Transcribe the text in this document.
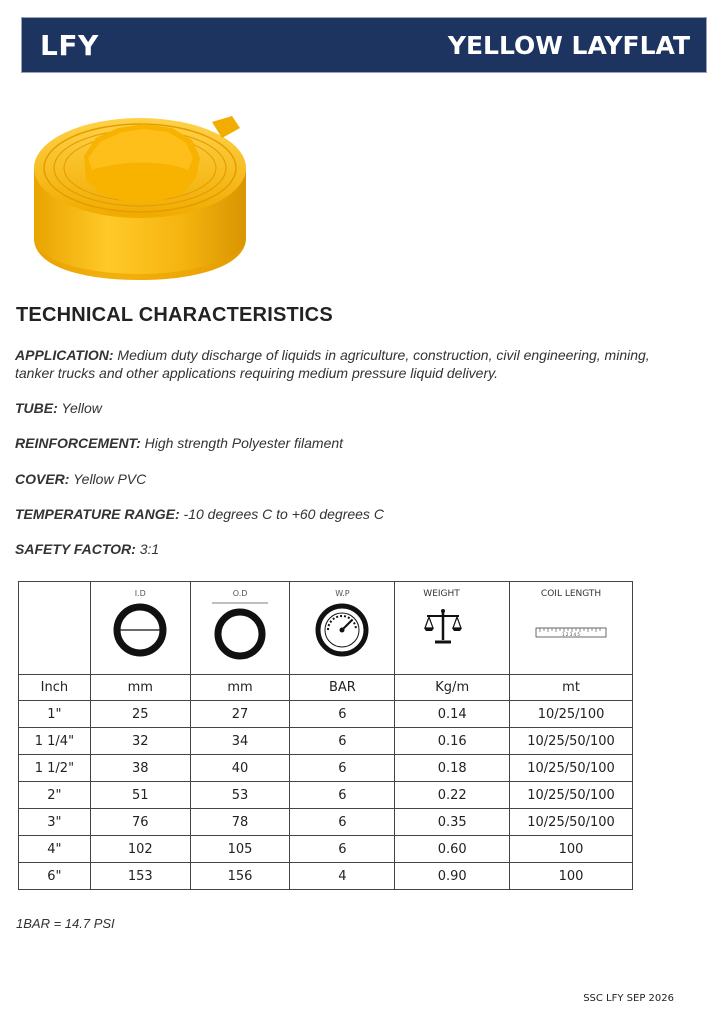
LFY	YELLOW LAYFLAT
TECHNICAL CHARACTERISTICS
APPLICATION: Medium duty discharge of liquids in agriculture, construction, civil engineering, mining, tanker trucks and other applications requiring medium pressure liquid delivery.
TUBE: Yellow
REINFORCEMENT: High strength Polyester filament
COVER: Yellow PVC
TEMPERATURE RANGE: -10 degrees C to +60 degrees C
SAFETY FACTOR: 3:1

	I.D	O.D	W.P	WEIGHT	COIL LENGTH
1 2 3 4 5

Inch	mm	mm	BAR	Kg/m	mt
1"	25	27	6	0.14	10/25/100
1 1/4"	32	34	6	0.16	10/25/50/100
1 1/2"	38	40	6	0.18	10/25/50/100
2"	51	53	6	0.22	10/25/50/100
3"	76	78	6	0.35	10/25/50/100
4"	102	105	6	0.60	100
6"	153	156	4	0.90	100
1BAR = 14.7 PSI
SSC LFY SEP 2026
